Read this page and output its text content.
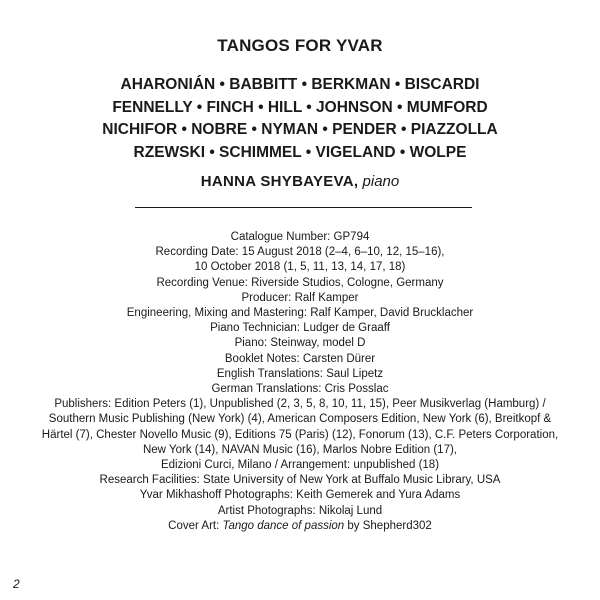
TANGOS FOR YVAR
AHARONIÁN • BABBITT • BERKMAN • BISCARDI
FENNELLY • FINCH • HILL • JOHNSON • MUMFORD
NICHIFOR • NOBRE • NYMAN • PENDER • PIAZZOLLA
RZEWSKI • SCHIMMEL • VIGELAND • WOLPE
HANNA SHYBAYEVA, piano
Catalogue Number: GP794
Recording Date: 15 August 2018 (2–4, 6–10, 12, 15–16),
10 October 2018 (1, 5, 11, 13, 14, 17, 18)
Recording Venue: Riverside Studios, Cologne, Germany
Producer: Ralf Kamper
Engineering, Mixing and Mastering: Ralf Kamper, David Brucklacher
Piano Technician: Ludger de Graaff
Piano: Steinway, model D
Booklet Notes: Carsten Dürer
English Translations: Saul Lipetz
German Translations: Cris Posslac
Publishers: Edition Peters (1), Unpublished (2, 3, 5, 8, 10, 11, 15), Peer Musikverlag (Hamburg) /
Southern Music Publishing (New York) (4), American Composers Edition, New York (6), Breitkopf &
Härtel (7), Chester Novello Music (9), Editions 75 (Paris) (12), Fonorum (13), C.F. Peters Corporation,
New York (14), NAVAN Music (16), Marlos Nobre Edition (17),
Edizioni Curci, Milano / Arrangement: unpublished (18)
Research Facilities: State University of New York at Buffalo Music Library, USA
Yvar Mikhashoff Photographs: Keith Gemerek and Yura Adams
Artist Photographs: Nikolaj Lund
Cover Art: Tango dance of passion by Shepherd302
2
